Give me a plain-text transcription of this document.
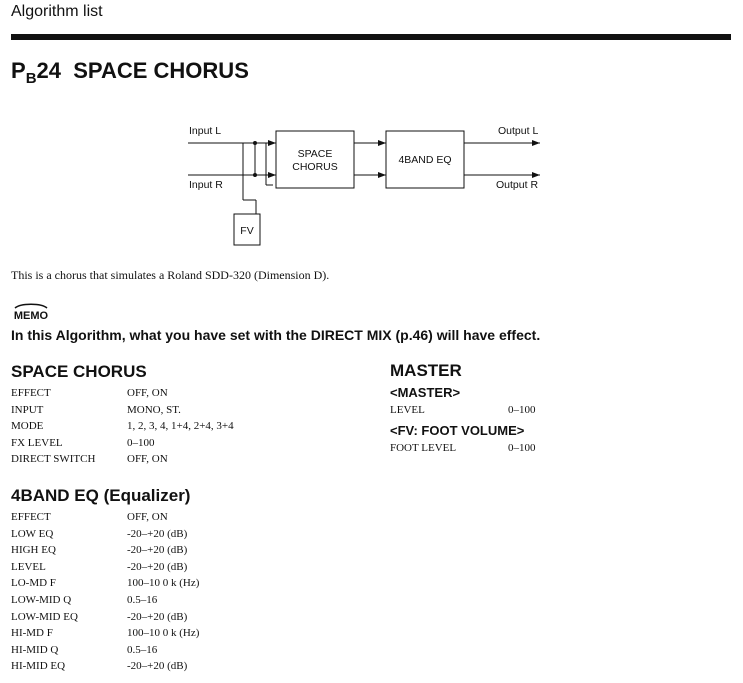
Algorithm list
$P_B24$ SPACE CHORUS
Input L
Input R
Output L
Output R
SPACE
CHORUS
4BAND EQ
FV
This is a chorus that simulates a Roland SDD-320 (Dimension D).
MEMO
In this Algorithm, what you have set with the DIRECT MIX (p.46) will have effect.
SPACE CHORUS
EFFECT	OFF, ON
INPUT	MONO, ST.
MODE	1, 2, 3, 4, 1+4, 2+4, 3+4
FX LEVEL	0–100
DIRECT SWITCH	OFF, ON
MASTER
<MASTER>
LEVEL	0–100
<FV: FOOT VOLUME>
FOOT LEVEL	0–100
4BAND EQ (Equalizer)
EFFECT	OFF, ON
LOW EQ	-20–+20 (dB)
HIGH EQ	-20–+20 (dB)
LEVEL	-20–+20 (dB)
LO-MD F	100–10 0 k (Hz)
LOW-MID Q	0.5–16
LOW-MID EQ	-20–+20 (dB)
HI-MD F	100–10 0 k (Hz)
HI-MID Q	0.5–16
HI-MID EQ	-20–+20 (dB)
